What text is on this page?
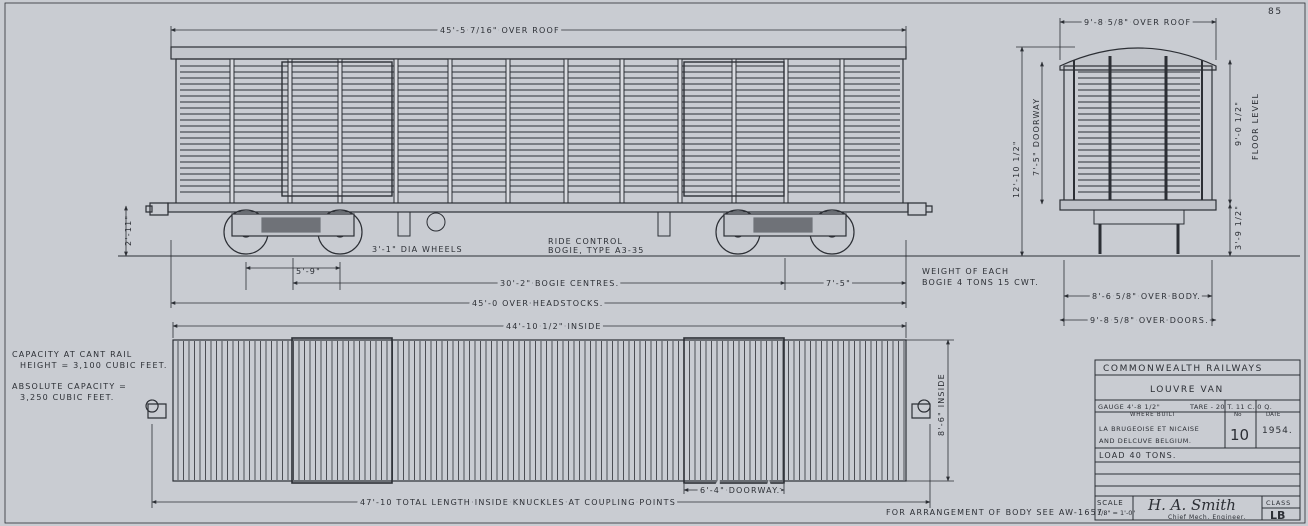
85
45'-5 7/16" OVER ROOF
2'-11"
3'-1" DIA WHEELS
RIDE CONTROL
BOGIE, TYPE A3-35
5'-9"
30'-2" BOGIE CENTRES.	7'-5"
45'-0 OVER HEADSTOCKS.
12'-10 1/2" 7'-5" DOORWAY
9'-8 5/8" OVER ROOF
9'-0 1/2" FLOOR LEVEL
3'-9 1/2"
8'-6 5/8" OVER BODY.
9'-8 5/8" OVER DOORS.
WEIGHT OF EACH
BOGIE 4 TONS 15 CWT.
44'-10 1/2" INSIDE
8'-6" INSIDE
6'-4" DOORWAY.
47'-10 TOTAL LENGTH INSIDE KNUCKLES AT COUPLING POINTS
CAPACITY AT CANT RAIL
HEIGHT = 3,100 CUBIC FEET.
ABSOLUTE CAPACITY =
3,250 CUBIC FEET.
FOR ARRANGEMENT OF BODY SEE AW-1657.
COMMONWEALTH RAILWAYS
LOUVRE VAN
GAUGE 4'-8 1/2"	TARE - 20 T. 11 C. 0 Q.
WHERE BUILT	No	DATE
LA BRUGEOISE ET NICAISE
AND DELCUVE BELGIUM.	10 1954.
LOAD 40 TONS.
SCALE
1/8" = 1'-0" H. A. Smith
Chief Mech. Engineer.
CLASS
LB
